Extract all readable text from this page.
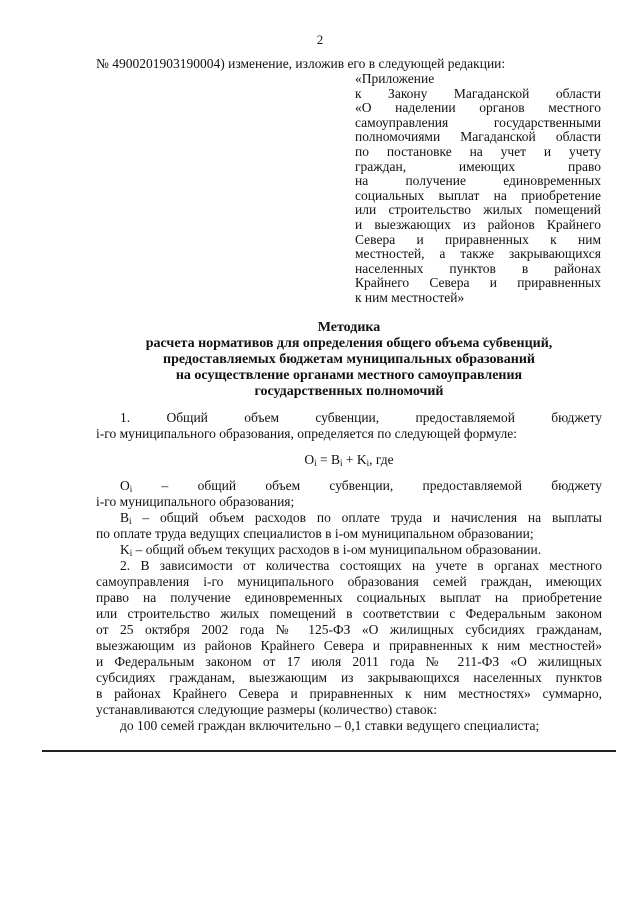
2
№ 4900201903190004) изменение, изложив его в следующей редакции:
«Приложение
к Закону Магаданской области
«О наделении органов местного
самоуправления государственными
полномочиями Магаданской области
по постановке на учет и учету
граждан, имеющих право
на получение единовременных
социальных выплат на приобретение
или строительство жилых помещений
и выезжающих из районов Крайнего
Севера и приравненных к ним
местностей, а также закрывающихся
населенных пунктов в районах
Крайнего Севера и приравненных
к ним местностей»
Методика
расчета нормативов для определения общего объема субвенций,
предоставляемых бюджетам муниципальных образований
на осуществление органами местного самоуправления
государственных полномочий
1. Общий объем субвенции, предоставляемой бюджету
i-го муниципального образования, определяется по следующей формуле:
$O_i = B_i + K_i$, где
$O_i$ – общий объем субвенции, предоставляемой бюджету
i-го муниципального образования;
$B_i$ – общий объем расходов по оплате труда и начисления на выплаты
по оплате труда ведущих специалистов в i-ом муниципальном образовании;
$K_i$ – общий объем текущих расходов в i-ом муниципальном образовании.
2. В зависимости от количества состоящих на учете в органах местного
самоуправления i-го муниципального образования семей граждан, имеющих
право на получение единовременных социальных выплат на приобретение
или строительство жилых помещений в соответствии с Федеральным законом
от 25 октября 2002 года № 125-ФЗ «О жилищных субсидиях гражданам,
выезжающим из районов Крайнего Севера и приравненных к ним местностей»
и Федеральным законом от 17 июля 2011 года № 211-ФЗ «О жилищных
субсидиях гражданам, выезжающим из закрывающихся населенных пунктов
в районах Крайнего Севера и приравненных к ним местностях» суммарно,
устанавливаются следующие размеры (количество) ставок:
до 100 семей граждан включительно – 0,1 ставки ведущего специалиста;
